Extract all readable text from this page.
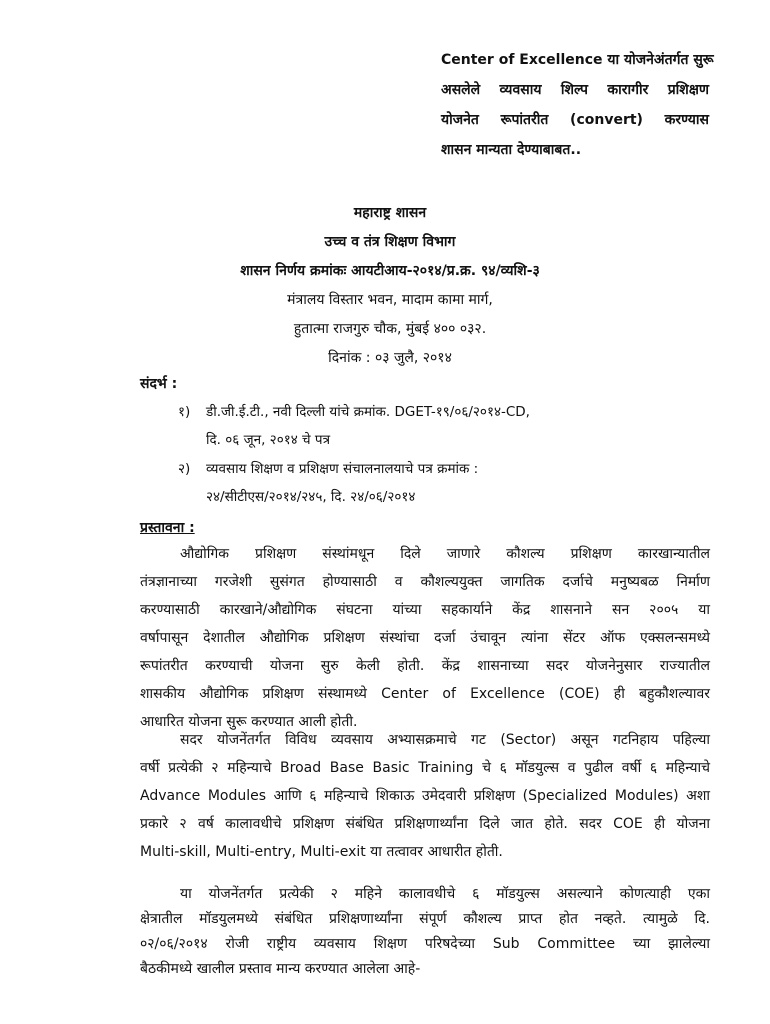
Center of Excellence या योजनेअंतर्गत सुरू
असलेले व्यवसाय शिल्प कारागीर प्रशिक्षण
योजनेत रूपांतरीत (convert) करण्यास
शासन मान्यता देण्याबाबत..
महाराष्ट्र शासन
उच्च व तंत्र शिक्षण विभाग
शासन निर्णय क्रमांकः आयटीआय-२०१४/प्र.क्र. ९४/व्यशि-३
मंत्रालय विस्तार भवन, मादाम कामा मार्ग,
हुतात्मा राजगुरु चौक, मुंबई ४०० ०३२.
दिनांक : ०३ जुलै, २०१४
संदर्भ :
१) डी.जी.ई.टी., नवी दिल्ली यांचे क्रमांक. DGET-१९/०६/२०१४-CD,
दि. ०६ जून, २०१४ चे पत्र
२) व्यवसाय शिक्षण व प्रशिक्षण संचालनालयाचे पत्र क्रमांक :
२४/सीटीएस/२०१४/२४५, दि. २४/०६/२०१४
प्रस्तावना :
औद्योगिक प्रशिक्षण संस्थांमधून दिले जाणारे कौशल्य प्रशिक्षण कारखान्यातील
तंत्रज्ञानाच्या गरजेशी सुसंगत होण्यासाठी व कौशल्ययुक्त जागतिक दर्जाचे मनुष्यबळ निर्माण
करण्यासाठी कारखाने/औद्योगिक संघटना यांच्या सहकार्याने केंद्र शासनाने सन २००५ या
वर्षापासून देशातील औद्योगिक प्रशिक्षण संस्थांचा दर्जा उंचावून त्यांना सेंटर ऑफ एक्सलन्समध्ये
रूपांतरीत करण्याची योजना सुरु केली होती. केंद्र शासनाच्या सदर योजनेनुसार राज्यातील
शासकीय औद्योगिक प्रशिक्षण संस्थामध्ये Center of Excellence (COE) ही बहुकौशल्यावर
आधारित योजना सुरू करण्यात आली होती.
सदर योजनेंतर्गत विविध व्यवसाय अभ्यासक्रमाचे गट (Sector) असून गटनिहाय पहिल्या
वर्षी प्रत्येकी २ महिन्याचे Broad Base Basic Training चे ६ मॉडयुल्स व पुढील वर्षी ६ महिन्याचे
Advance Modules आणि ६ महिन्याचे शिकाऊ उमेदवारी प्रशिक्षण (Specialized Modules) अशा
प्रकारे २ वर्ष कालावधीचे प्रशिक्षण संबंधित प्रशिक्षणार्थ्यांना दिले जात होते. सदर COE ही योजना
Multi-skill, Multi-entry, Multi-exit या तत्वावर आधारीत होती.
या योजनेंतर्गत प्रत्येकी २ महिने कालावधीचे ६ मॉडयुल्स असल्याने कोणत्याही एका
क्षेत्रातील मॉडयुलमध्ये संबंधित प्रशिक्षणार्थ्यांना संपूर्ण कौशल्य प्राप्त होत नव्हते. त्यामुळे दि.
०२/०६/२०१४ रोजी राष्ट्रीय व्यवसाय शिक्षण परिषदेच्या Sub Committee च्या झालेल्या
बैठकीमध्ये खालील प्रस्ताव मान्य करण्यात आलेला आहे-
